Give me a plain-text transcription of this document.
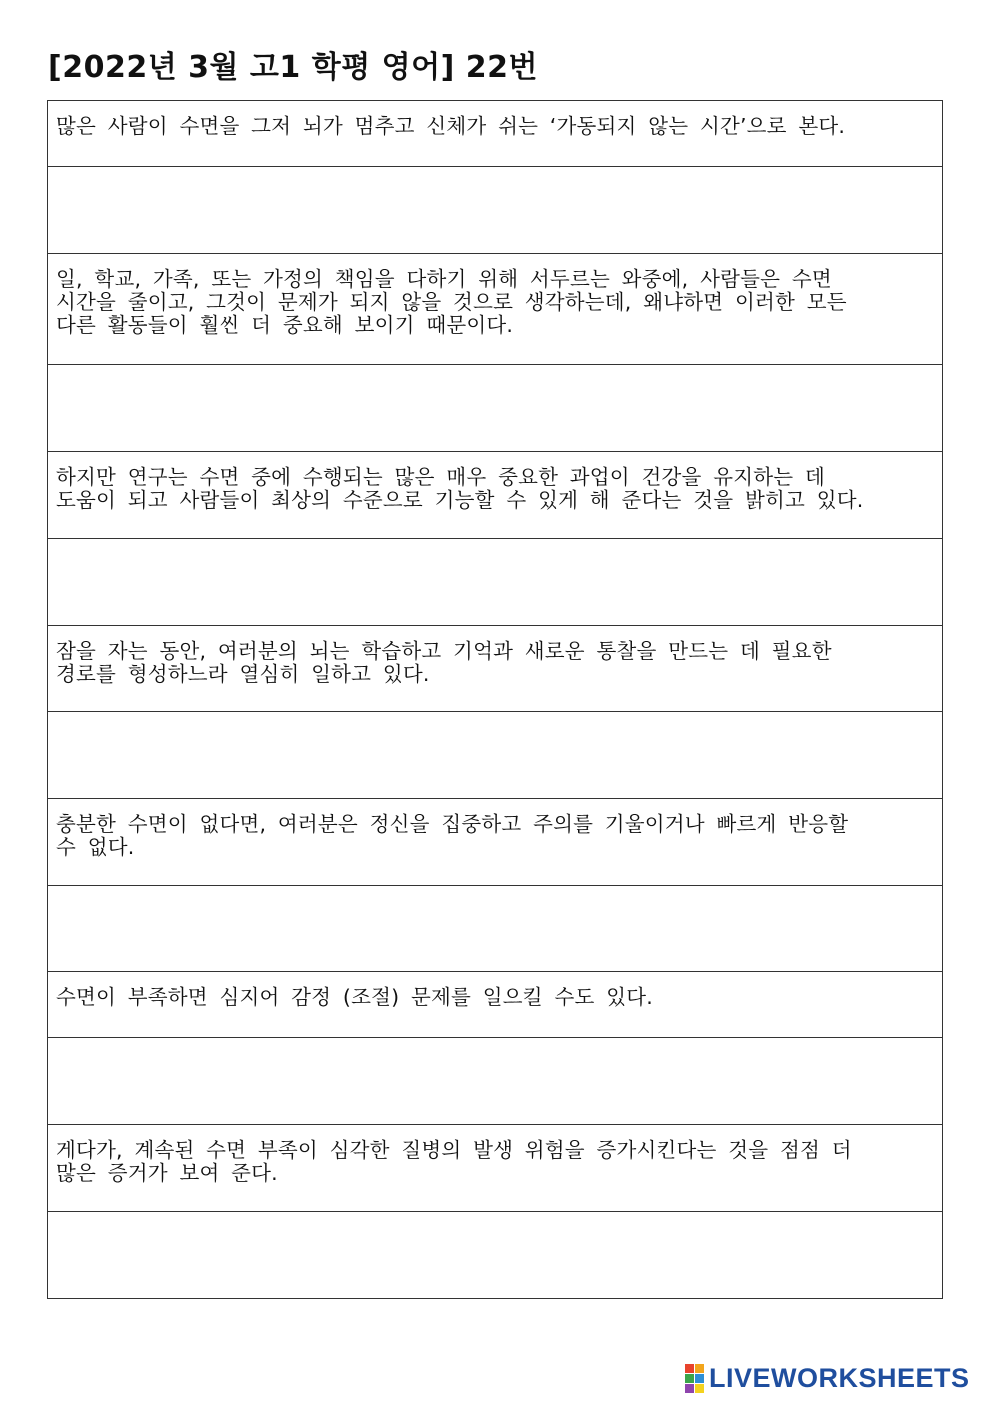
[2022년 3월 고1 학평 영어] 22번

많은 사람이 수면을 그저 뇌가 멈추고 신체가 쉬는 ‘가동되지 않는 시간’으로 본다.

일, 학교, 가족, 또는 가정의 책임을 다하기 위해 서두르는 와중에, 사람들은 수면
시간을 줄이고, 그것이 문제가 되지 않을 것으로 생각하는데, 왜냐하면 이러한 모든
다른 활동들이 훨씬 더 중요해 보이기 때문이다.

하지만 연구는 수면 중에 수행되는 많은 매우 중요한 과업이 건강을 유지하는 데
도움이 되고 사람들이 최상의 수준으로 기능할 수 있게 해 준다는 것을 밝히고 있다.

잠을 자는 동안, 여러분의 뇌는 학습하고 기억과 새로운 통찰을 만드는 데 필요한
경로를 형성하느라 열심히 일하고 있다.

충분한 수면이 없다면, 여러분은 정신을 집중하고 주의를 기울이거나 빠르게 반응할
수 없다.

수면이 부족하면 심지어 감정 (조절) 문제를 일으킬 수도 있다.

게다가, 계속된 수면 부족이 심각한 질병의 발생 위험을 증가시킨다는 것을 점점 더
많은 증거가 보여 준다.

LIVEWORKSHEETS
